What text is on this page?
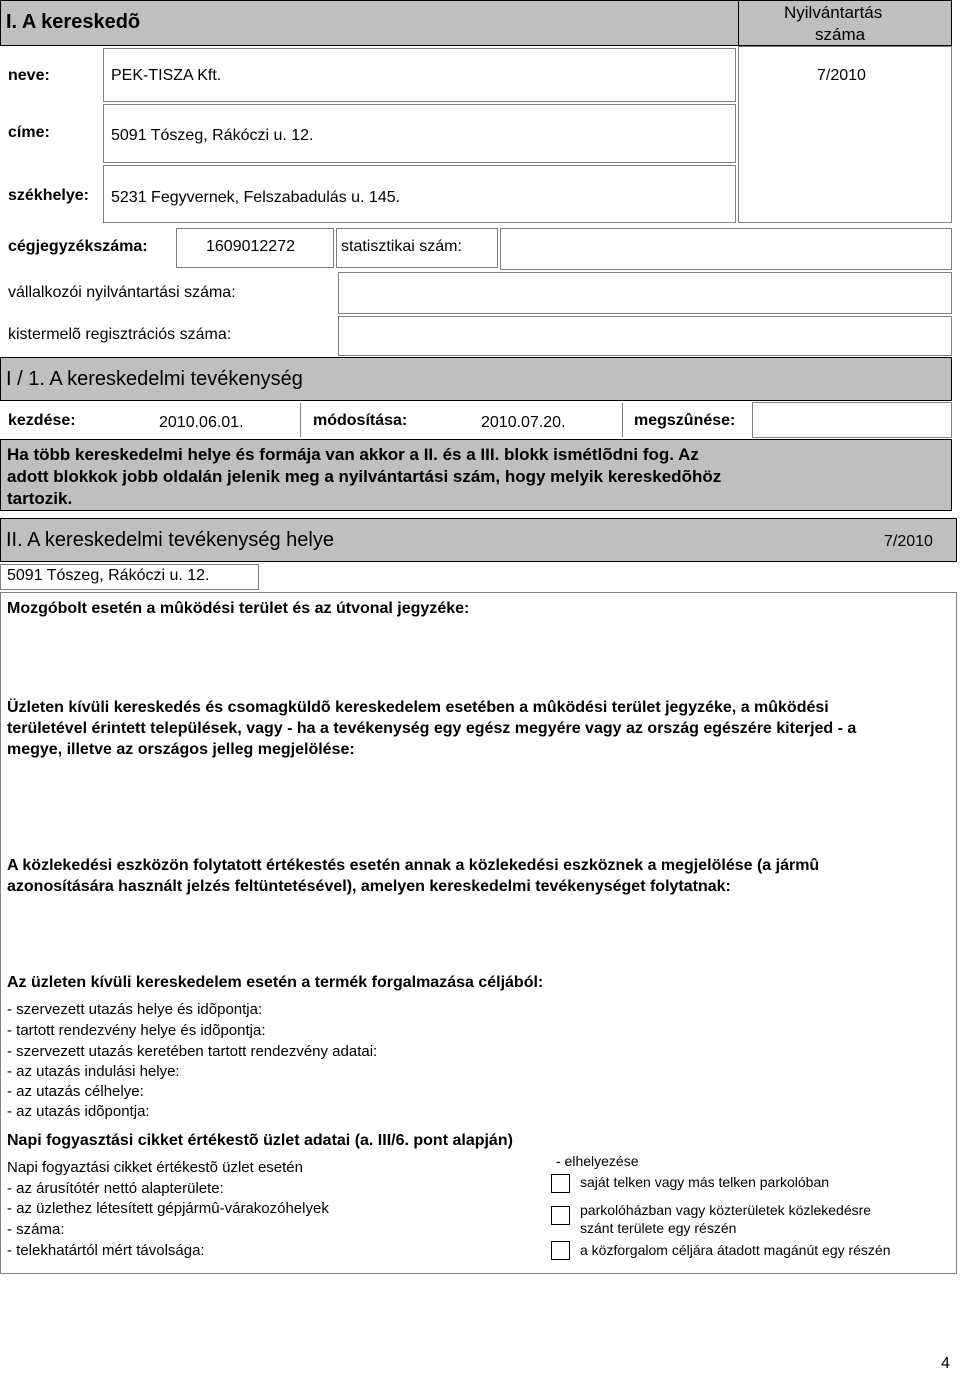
I. A kereskedõ	Nyilvántartás
száma
neve:	PEK-TISZA Kft.	7/2010
címe:	5091 Tószeg, Rákóczi u. 12.
székhelye: 5231 Fegyvernek, Felszabadulás u. 145.
cégjegyzékszáma:	1609012272	statisztikai szám:
vállalkozói nyilvántartási száma:
kistermelõ regisztrációs száma:
I / 1. A kereskedelmi tevékenység
kezdése:	2010.06.01.	módosítása:	2010.07.20.	megszûnése:
Ha több kereskedelmi helye és formája van akkor a II. és a III. blokk ismétlõdni fog. Az
adott blokkok jobb oldalán jelenik meg a nyilvántartási szám, hogy melyik kereskedõhöz
tartozik.
II. A kereskedelmi tevékenység helye	7/2010
5091 Tószeg, Rákóczi u. 12.
Mozgóbolt esetén a mûködési terület és az útvonal jegyzéke:
Üzleten kívüli kereskedés és csomagküldõ kereskedelem esetében a mûködési terület jegyzéke, a mûködési
területével érintett települések, vagy - ha a tevékenység egy egész megyére vagy az ország egészére kiterjed - a
megye, illetve az országos jelleg megjelölése:
A közlekedési eszközön folytatott értékestés esetén annak a közlekedési eszköznek a megjelölése (a jármû
azonosítására használt jelzés feltüntetésével), amelyen kereskedelmi tevékenységet folytatnak:
Az üzleten kívüli kereskedelem esetén a termék forgalmazása céljából:
- szervezett utazás helye és idõpontja:
- tartott rendezvény helye és idõpontja:
- szervezett utazás keretében tartott rendezvény adatai:
- az utazás indulási helye:
- az utazás célhelye:
- az utazás idõpontja:
Napi fogyasztási cikket értékestõ üzlet adatai (a. III/6. pont alapján)
Napi fogyaztási cikket értékestõ üzlet esetén
- az árusítótér nettó alapterülete:
- az üzlethez létesített gépjármû-várakozóhelyek
- száma:
- telekhatártól mért távolsága:
- elhelyezése
saját telken vagy más telken parkolóban
parkolóházban vagy közterületek közlekedésre
szánt területe egy részén
a közforgalom céljára átadott magánút egy részén
4
